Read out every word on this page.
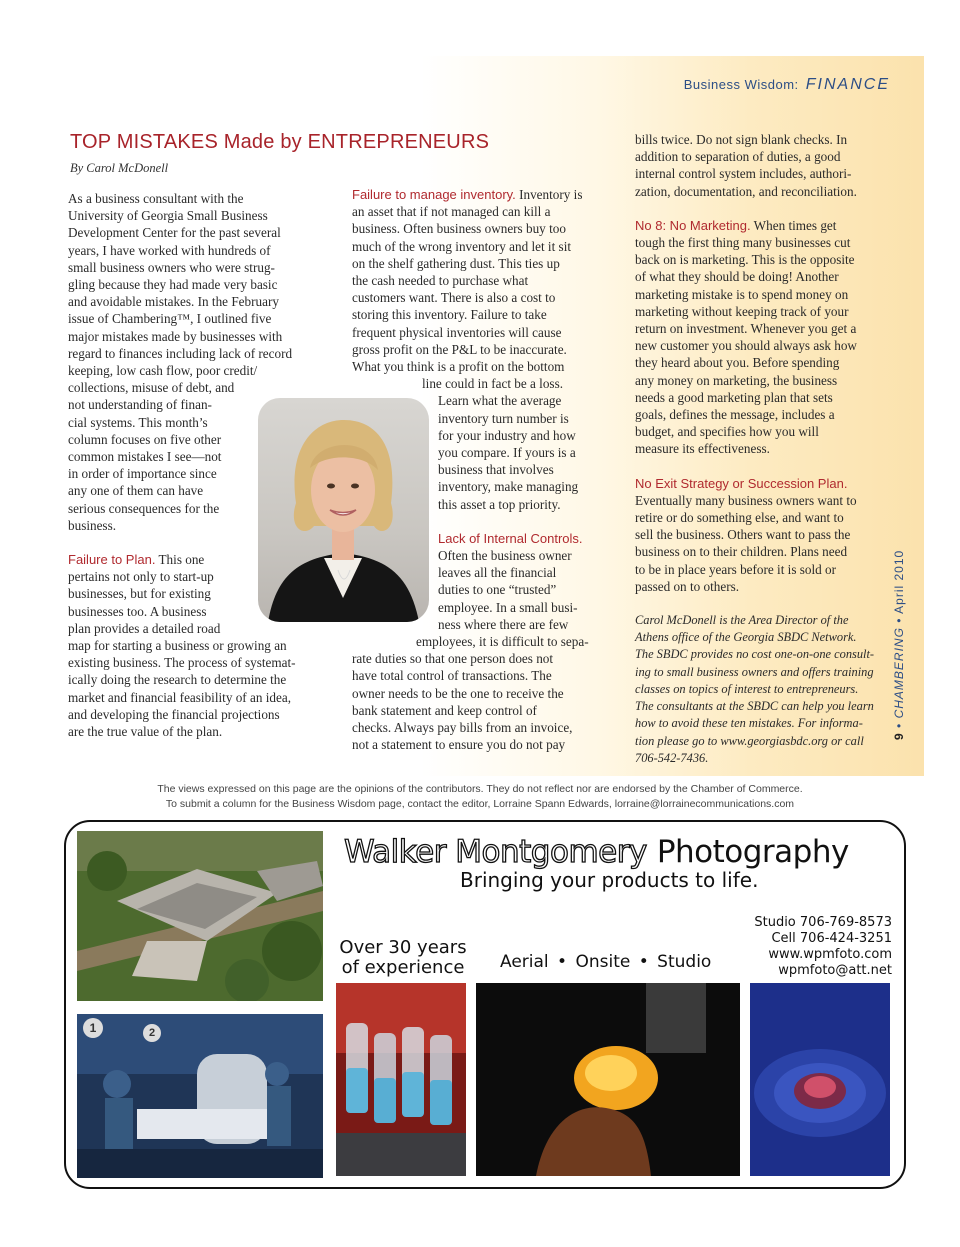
Business Wisdom: FINANCE
TOP MISTAKES Made by ENTREPRENEURS
By Carol McDonell

As a business consultant with the

University of Georgia Small Business

Development Center for the past several

years, I have worked with hundreds of

small business owners who were strug-

gling because they had made very basic

and avoidable mistakes. In the February

issue of Chambering™, I outlined five

major mistakes made by businesses with

regard to finances including lack of record

keeping, low cash flow, poor credit/

collections, misuse of debt, and

not understanding of finan-

cial systems. This month’s

column focuses on five other

common mistakes I see—not

in order of importance since

any one of them can have

serious consequences for the

business.

Failure to Plan. This one

pertains not only to start-up

businesses, but for existing

businesses too. A business

plan provides a detailed road

map for starting a business or growing an

existing business. The process of systemat-

ically doing the research to determine the

market and financial feasibility of an idea,

and developing the financial projections

are the true value of the plan.

Failure to manage inventory. Inventory is

an asset that if not managed can kill a

business. Often business owners buy too

much of the wrong inventory and let it sit

on the shelf gathering dust. This ties up

the cash needed to purchase what

customers want. There is also a cost to

storing this inventory. Failure to take

frequent physical inventories will cause

gross profit on the P&L to be inaccurate.

What you think is a profit on the bottom

line could in fact be a loss.

Learn what the average

inventory turn number is

for your industry and how

you compare. If yours is a

business that involves

inventory, make managing

this asset a top priority.

Lack of Internal Controls.

Often the business owner

leaves all the financial

duties to one “trusted”

employee. In a small busi-

ness where there are few

employees, it is difficult to sepa-

rate duties so that one person does not

have total control of transactions. The

owner needs to be the one to receive the

bank statement and keep control of

checks. Always pay bills from an invoice,

not a statement to ensure you do not pay

bills twice. Do not sign blank checks. In

addition to separation of duties, a good

internal control system includes, authori-

zation, documentation, and reconciliation.

No 8: No Marketing. When times get

tough the first thing many businesses cut

back on is marketing. This is the opposite

of what they should be doing! Another

marketing mistake is to spend money on

marketing without keeping track of your

return on investment. Whenever you get a

new customer you should always ask how

they heard about you. Before spending

any money on marketing, the business

needs a good marketing plan that sets

goals, defines the message, includes a

budget, and specifies how you will

measure its effectiveness.

No Exit Strategy or Succession Plan.

Eventually many business owners want to

retire or do something else, and want to

sell the business. Others want to pass the

business on to their children. Plans need

to be in place years before it is sold or

passed on to others.

Carol McDonell is the Area Director of the

Athens office of the Georgia SBDC Network.

The SBDC provides no cost one-on-one consult-

ing to small business owners and offers training

classes on topics of interest to entrepreneurs.

The consultants at the SBDC can help you learn

how to avoid these ten mistakes. For informa-

tion please go to www.georgiasbdc.org or call

706-542-7436.

9 • CHAMBERING • April 2010
The views expressed on this page are the opinions of the contributors. They do not reflect nor are endorsed by the Chamber of Commerce.
To submit a column for the Business Wisdom page, contact the editor, Lorraine Spann Edwards, lorraine@lorrainecommunications.com
Walker Montgomery Photography
Bringing your products to life.
1	2
Over 30 years
of experience Aerial • Onsite • Studio
Studio 706-769-8573
Cell 706-424-3251
www.wpmfoto.com
wpmfoto@att.net
